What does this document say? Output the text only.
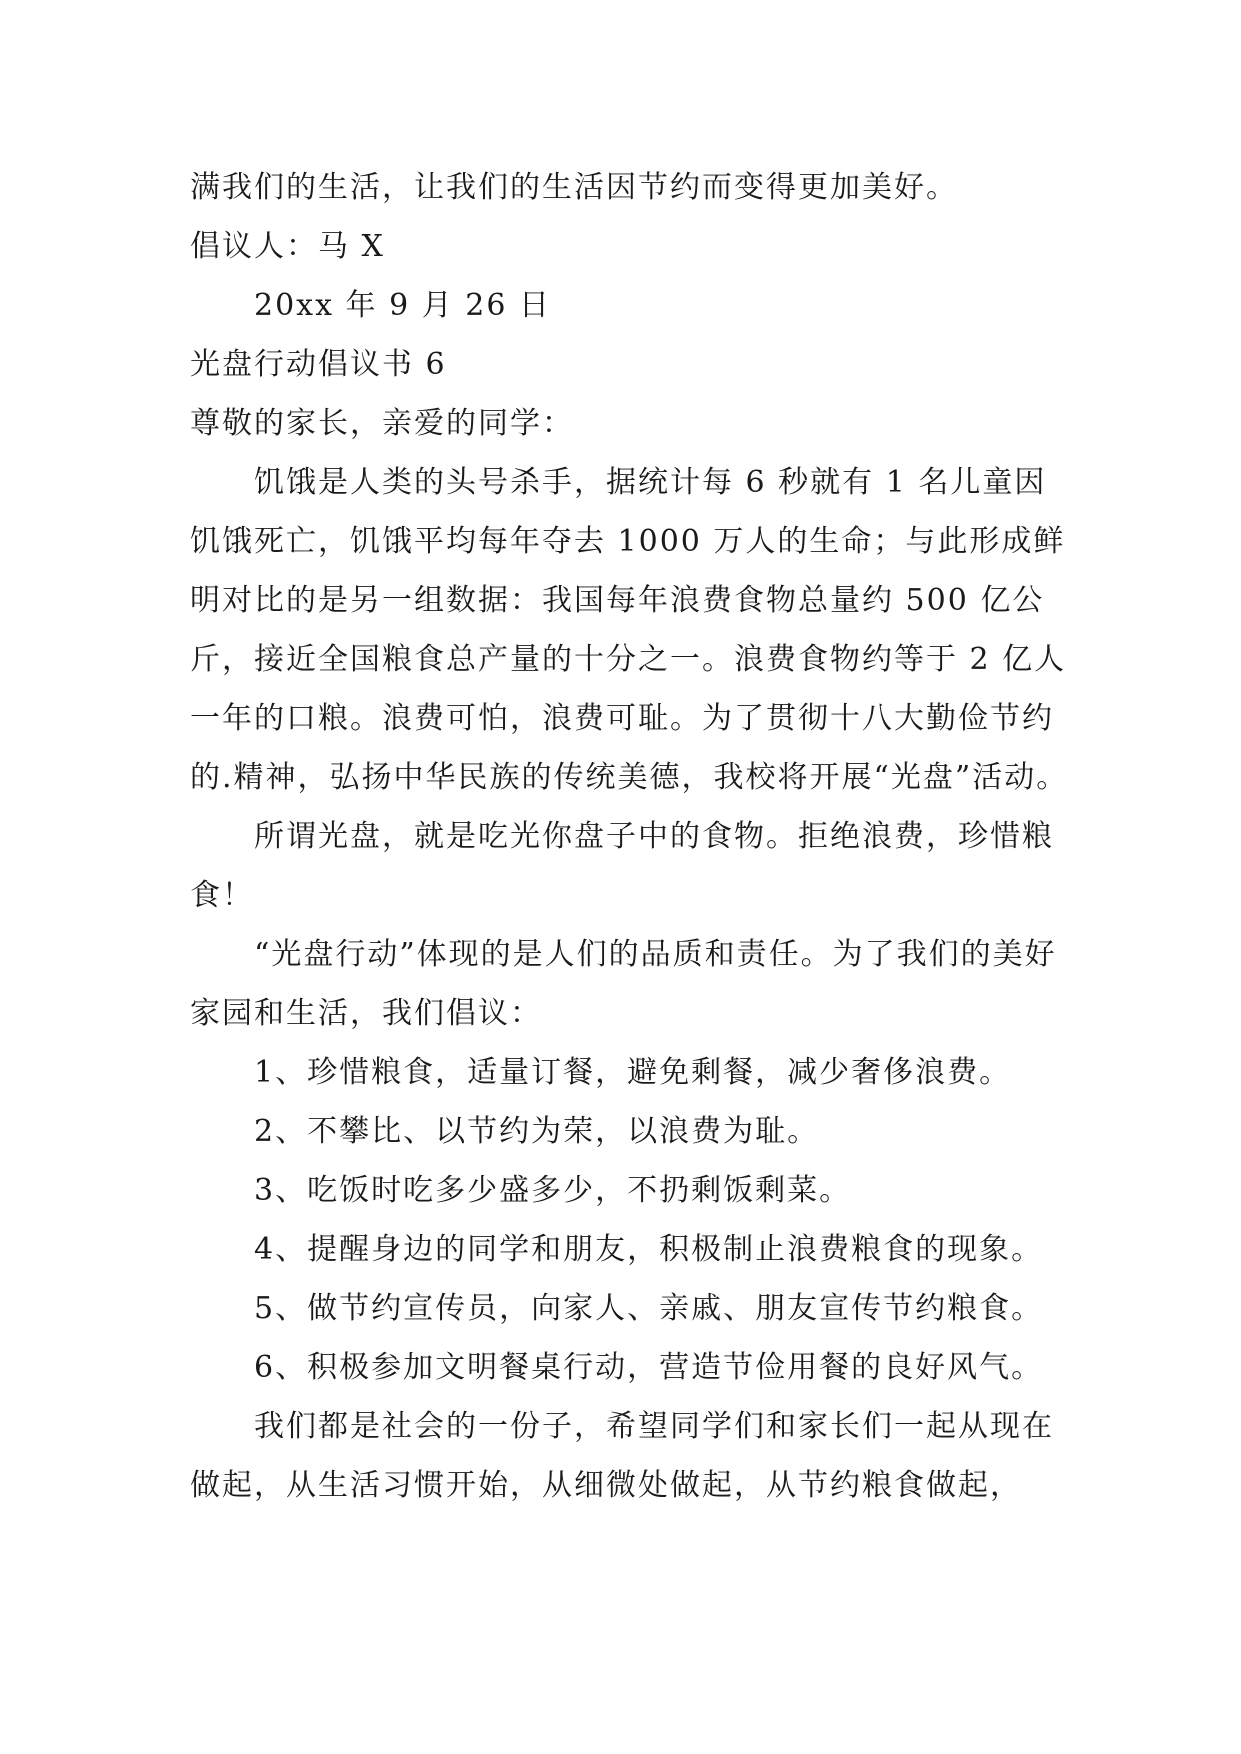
满我们的生活，让我们的生活因节约而变得更加美好。

倡议人：马 X

20xx 年 9 月 26 日

光盘行动倡议书 6

尊敬的家长，亲爱的同学：

饥饿是人类的头号杀手，据统计每 6 秒就有 1 名儿童因饥饿死亡，饥饿平均每年夺去 1000 万人的生命；与此形成鲜明对比的是另一组数据：我国每年浪费食物总量约 500 亿公斤，接近全国粮食总产量的十分之一。浪费食物约等于 2 亿人一年的口粮。浪费可怕，浪费可耻。为了贯彻十八大勤俭节约的.精神，弘扬中华民族的传统美德，我校将开展“光盘”活动。

所谓光盘，就是吃光你盘子中的食物。拒绝浪费，珍惜粮食！

“光盘行动”体现的是人们的品质和责任。为了我们的美好家园和生活，我们倡议：

1、珍惜粮食，适量订餐，避免剩餐，减少奢侈浪费。

2、不攀比、以节约为荣，以浪费为耻。

3、吃饭时吃多少盛多少，不扔剩饭剩菜。

4、提醒身边的同学和朋友，积极制止浪费粮食的现象。

5、做节约宣传员，向家人、亲戚、朋友宣传节约粮食。

6、积极参加文明餐桌行动，营造节俭用餐的良好风气。

我们都是社会的一份子，希望同学们和家长们一起从现在做起，从生活习惯开始，从细微处做起，从节约粮食做起，
